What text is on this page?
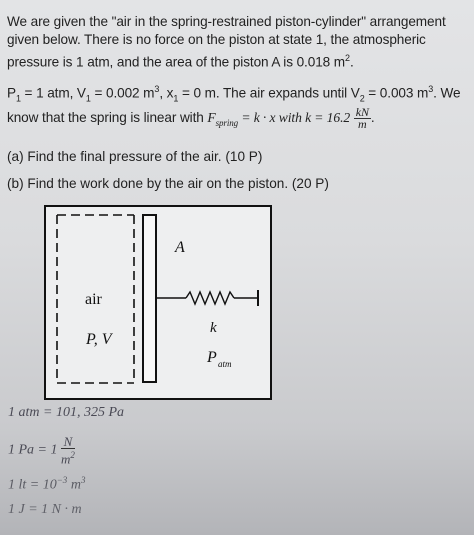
We are given the "air in the spring-restrained piston-cylinder" arrangement given below. There is no force on the piston at state 1, the atmospheric pressure is 1 atm, and the area of the piston A is 0.018 $m^2$.
$P_1 = 1$ atm, $V_1 = 0.002$ $m^3$, $x_1 = 0$ m. The air expands until $V_2 = 0.003$ $m^3$. We know that the spring is linear with $F_{spring} = k \cdot x$ with $k = 16.2 \frac{kN}{m}$ .
(a) Find the final pressure of the air. (10 P)
(b) Find the work done by the air on the piston. (20 P)
A
air
P, V
k
P atm
1 atm = 101, 325 Pa
1 $Pa = 1 \frac{N}{m^2}$
1 lt = $10^{-3}$ $m^3$
1 J = 1 N · m
